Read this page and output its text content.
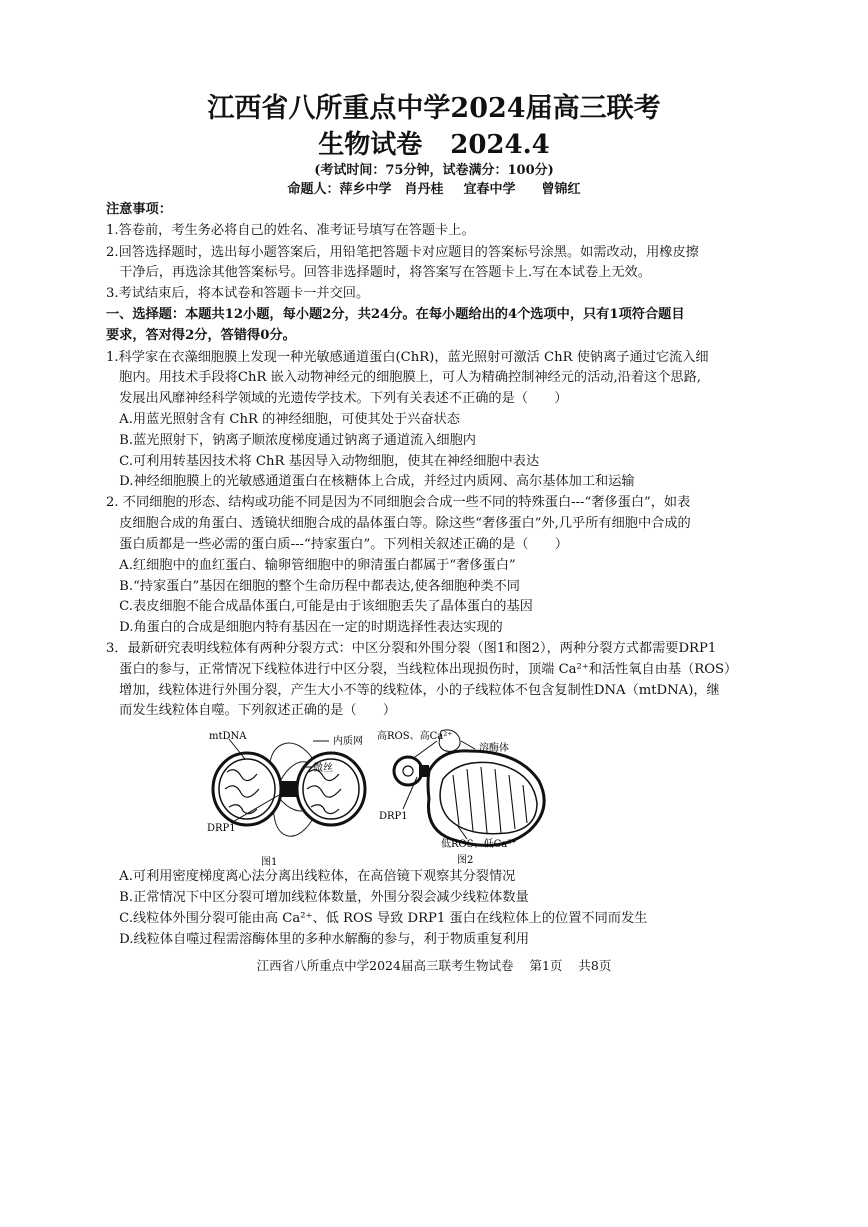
江西省八所重点中学2024届高三联考
生物试卷 2024.4
(考试时间：75分钟，试卷满分：100分)
命题人：萍乡中学　肖丹桂 宜春中学　　曾锦红
注意事项：
1.答卷前，考生务必将自己的姓名、准考证号填写在答题卡上。
2.回答选择题时，选出每小题答案后，用铅笔把答题卡对应题目的答案标号涂黑。如需改动，用橡皮擦
　干净后，再选涂其他答案标号。回答非选择题时，将答案写在答题卡上.写在本试卷上无效。
3.考试结束后，将本试卷和答题卡一并交回。
一、选择题：本题共12小题，每小题2分，共24分。在每小题给出的4个选项中，只有1项符合题目
要求，答对得2分，答错得0分。
1.科学家在衣藻细胞膜上发现一种光敏感通道蛋白(ChR)，蓝光照射可激活 ChR 使钠离子通过它流入细
　胞内。用技术手段将ChR 嵌入动物神经元的细胞膜上，可人为精确控制神经元的活动,沿着这个思路,
　发展出风靡神经科学领域的光遗传学技术。下列有关表述不正确的是（　　）
　A.用蓝光照射含有 ChR 的神经细胞，可使其处于兴奋状态
　B.蓝光照射下，钠离子顺浓度梯度通过钠离子通道流入细胞内
　C.可利用转基因技术将 ChR 基因导入动物细胞，使其在神经细胞中表达
　D.神经细胞膜上的光敏感通道蛋白在核糖体上合成，并经过内质网、高尔基体加工和运输
2. 不同细胞的形态、结构或功能不同是因为不同细胞会合成一些不同的特殊蛋白---“奢侈蛋白”，如表
　皮细胞合成的角蛋白、透镜状细胞合成的晶体蛋白等。除这些“奢侈蛋白”外,几乎所有细胞中合成的
　蛋白质都是一些必需的蛋白质---“持家蛋白”。下列相关叙述正确的是（　　）
　A.红细胞中的血红蛋白、输卵管细胞中的卵清蛋白都属于“奢侈蛋白”
　B.“持家蛋白”基因在细胞的整个生命历程中都表达,使各细胞种类不同
　C.表皮细胞不能合成晶体蛋白,可能是由于该细胞丢失了晶体蛋白的基因
　D.角蛋白的合成是细胞内特有基因在一定的时期选择性表达实现的
3．最新研究表明线粒体有两种分裂方式：中区分裂和外围分裂（图1和图2），两种分裂方式都需要DRP1
　蛋白的参与，正常情况下线粒体进行中区分裂，当线粒体出现损伤时，顶端 Ca²⁺和活性氧自由基（ROS）
　增加，线粒体进行外围分裂，产生大小不等的线粒体，小的子线粒体不包含复制性DNA（mtDNA)，继
　而发生线粒体自噬。下列叙述正确的是（　　）
mtDNA	内质网
微丝
DRP1
图1
高ROS、高Ca²⁺
溶酶体
DRP1
低ROS、低Ca²⁺
图2
　A.可利用密度梯度离心法分离出线粒体，在高倍镜下观察其分裂情况
　B.正常情况下中区分裂可增加线粒体数量，外围分裂会减少线粒体数量
　C.线粒体外围分裂可能由高 Ca²⁺、低 ROS 导致 DRP1 蛋白在线粒体上的位置不同而发生
　D.线粒体自噬过程需溶酶体里的多种水解酶的参与，利于物质重复利用
江西省八所重点中学2024届高三联考生物试卷 第1页 共8页
